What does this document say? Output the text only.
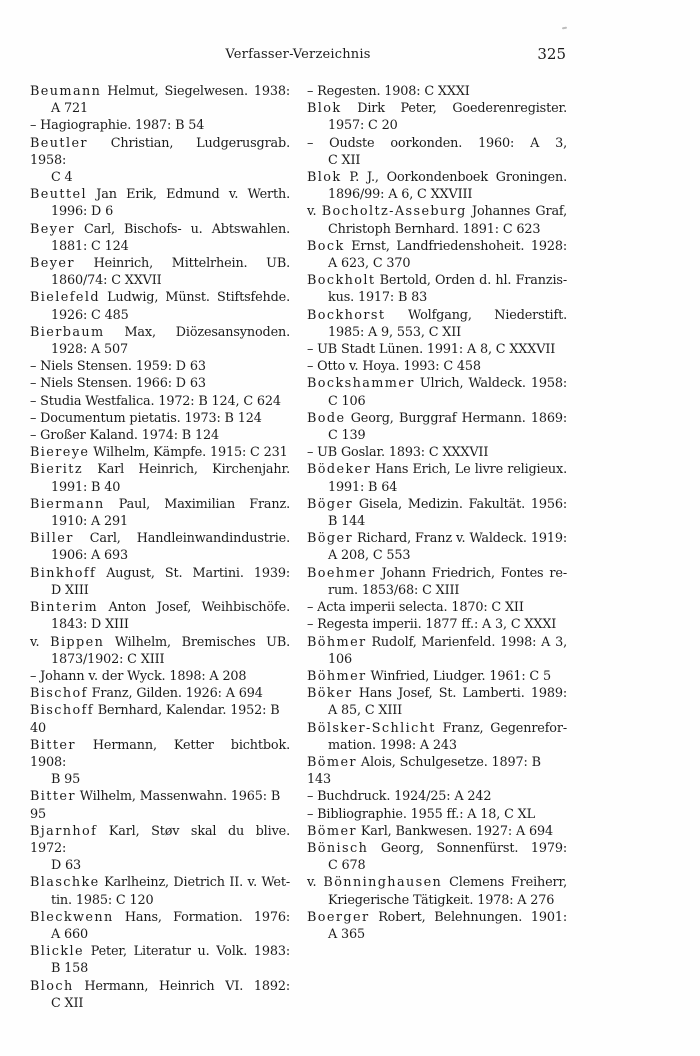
Verfasser-Verzeichnis	325
Beumann Helmut, Siegelwesen. 1938:
A 721
– Hagiographie. 1987: B 54
Beutler Christian, Ludgerusgrab. 1958:
C 4
Beuttel Jan Erik, Edmund v. Werth.
1996: D 6
Beyer Carl, Bischofs- u. Abtswahlen.
1881: C 124
Beyer Heinrich, Mittelrhein. UB.
1860/74: C XXVII
Bielefeld Ludwig, Münst. Stiftsfehde.
1926: C 485
Bierbaum Max, Diözesansynoden.
1928: A 507
– Niels Stensen. 1959: D 63
– Niels Stensen. 1966: D 63
– Studia Westfalica. 1972: B 124, C 624
– Documentum pietatis. 1973: B 124
– Großer Kaland. 1974: B 124
Biereye Wilhelm, Kämpfe. 1915: C 231
Bieritz Karl Heinrich, Kirchenjahr.
1991: B 40
Biermann Paul, Maximilian Franz.
1910: A 291
Biller Carl, Handleinwandindustrie.
1906: A 693
Binkhoff August, St. Martini. 1939:
D XIII
Binterim Anton Josef, Weihbischöfe.
1843: D XIII
v. Bippen Wilhelm, Bremisches UB.
1873/1902: C XIII
– Johann v. der Wyck. 1898: A 208
Bischof Franz, Gilden. 1926: A 694
Bischoff Bernhard, Kalendar. 1952: B 40
Bitter Hermann, Ketter bichtbok. 1908:
B 95
Bitter Wilhelm, Massenwahn. 1965: B 95
Bjarnhof Karl, Støv skal du blive. 1972:
D 63
Blaschke Karlheinz, Dietrich II. v. Wet-
tin. 1985: C 120
Bleckwenn Hans, Formation. 1976:
A 660
Blickle Peter, Literatur u. Volk. 1983:
B 158
Bloch Hermann, Heinrich VI. 1892:
C XII
– Regesten. 1908: C XXXI
Blok Dirk Peter, Goederenregister.
1957: C 20
– Oudste oorkonden. 1960: A 3,
C XII
Blok P. J., Oorkondenboek Groningen.
1896/99: A 6, C XXVIII
v. Bocholtz-Asseburg Johannes Graf,
Christoph Bernhard. 1891: C 623
Bock Ernst, Landfriedenshoheit. 1928:
A 623, C 370
Bockholt Bertold, Orden d. hl. Franzis-
kus. 1917: B 83
Bockhorst Wolfgang, Niederstift.
1985: A 9, 553, C XII
– UB Stadt Lünen. 1991: A 8, C XXXVII
– Otto v. Hoya. 1993: C 458
Bockshammer Ulrich, Waldeck. 1958:
C 106
Bode Georg, Burggraf Hermann. 1869:
C 139
– UB Goslar. 1893: C XXXVII
Bödeker Hans Erich, Le livre religieux.
1991: B 64
Böger Gisela, Medizin. Fakultät. 1956:
B 144
Böger Richard, Franz v. Waldeck. 1919:
A 208, C 553
Boehmer Johann Friedrich, Fontes re-
rum. 1853/68: C XIII
– Acta imperii selecta. 1870: C XII
– Regesta imperii. 1877 ff.: A 3, C XXXI
Böhmer Rudolf, Marienfeld. 1998: A 3,
106
Böhmer Winfried, Liudger. 1961: C 5
Böker Hans Josef, St. Lamberti. 1989:
A 85, C XIII
Bölsker-Schlicht Franz, Gegenrefor-
mation. 1998: A 243
Bömer Alois, Schulgesetze. 1897: B 143
– Buchdruck. 1924/25: A 242
– Bibliographie. 1955 ff.: A 18, C XL
Bömer Karl, Bankwesen. 1927: A 694
Bönisch Georg, Sonnenfürst. 1979:
C 678
v. Bönninghausen Clemens Freiherr,
Kriegerische Tätigkeit. 1978: A 276
Boerger Robert, Belehnungen. 1901:
A 365
